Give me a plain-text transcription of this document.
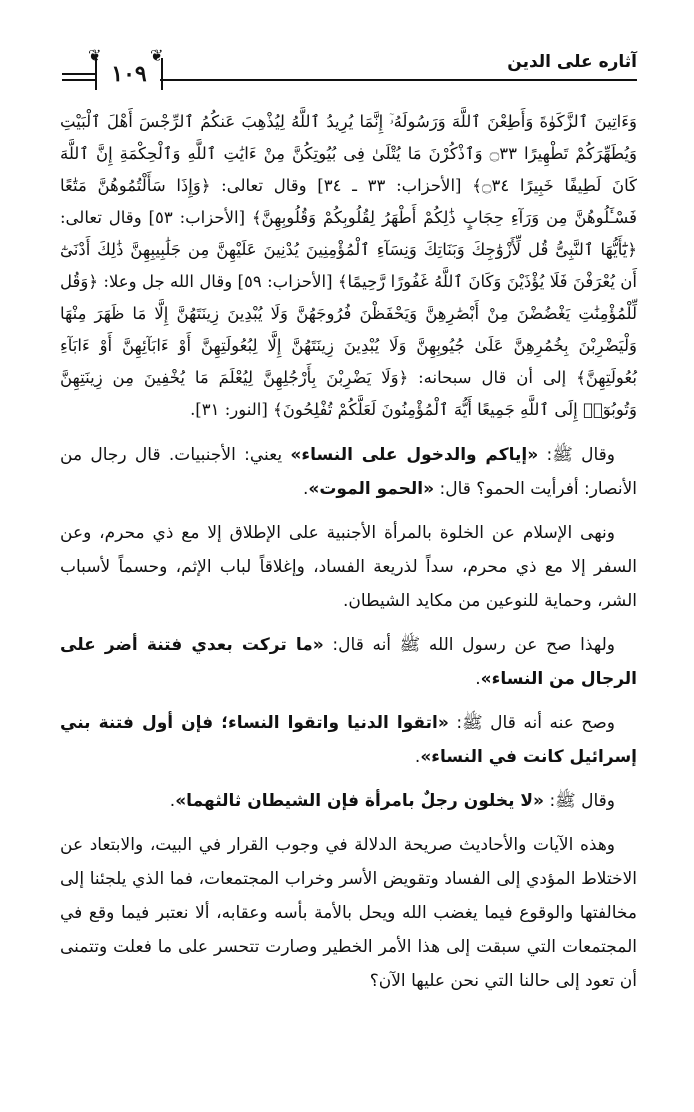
❦
١٠٩
❦	آثاره على الدين

وَءَاتِينَ ٱلزَّكَوٰةَ وَأَطِعْنَ ٱللَّهَ وَرَسُولَهُۥٓ إِنَّمَا يُرِيدُ ٱللَّهُ لِيُذْهِبَ عَنكُمُ ٱلرِّجْسَ أَهْلَ ٱلْبَيْتِ وَيُطَهِّرَكُمْ تَطْهِيرًا ۝٣٣ وَٱذْكُرْنَ مَا يُتْلَىٰ فِى بُيُوتِكُنَّ مِنْ ءَايَٰتِ ٱللَّهِ وَٱلْحِكْمَةِ إِنَّ ٱللَّهَ كَانَ لَطِيفًا خَبِيرًا ۝٣٤﴾ [الأحزاب: ٣٣ ـ ٣٤] وقال تعالى: ﴿وَإِذَا سَأَلْتُمُوهُنَّ مَتَٰعًا فَسْـَٔلُوهُنَّ مِن وَرَآءِ حِجَابٍ ذَٰلِكُمْ أَطْهَرُ لِقُلُوبِكُمْ وَقُلُوبِهِنَّ﴾ [الأحزاب: ٥٣] وقال تعالى: ﴿يَٰٓأَيُّهَا ٱلنَّبِىُّ قُل لِّأَزْوَٰجِكَ وَبَنَاتِكَ وَنِسَآءِ ٱلْمُؤْمِنِينَ يُدْنِينَ عَلَيْهِنَّ مِن جَلَٰبِيبِهِنَّ ذَٰلِكَ أَدْنَىٰٓ أَن يُعْرَفْنَ فَلَا يُؤْذَيْنَ وَكَانَ ٱللَّهُ غَفُورًا رَّحِيمًا﴾ [الأحزاب: ٥٩] وقال الله جل وعلا: ﴿وَقُل لِّلْمُؤْمِنَٰتِ يَغْضُضْنَ مِنْ أَبْصَٰرِهِنَّ وَيَحْفَظْنَ فُرُوجَهُنَّ وَلَا يُبْدِينَ زِينَتَهُنَّ إِلَّا مَا ظَهَرَ مِنْهَا وَلْيَضْرِبْنَ بِخُمُرِهِنَّ عَلَىٰ جُيُوبِهِنَّ وَلَا يُبْدِينَ زِينَتَهُنَّ إِلَّا لِبُعُولَتِهِنَّ أَوْ ءَابَآئِهِنَّ أَوْ ءَابَآءِ بُعُولَتِهِنَّ﴾ إلى أن قال سبحانه: ﴿وَلَا يَضْرِبْنَ بِأَرْجُلِهِنَّ لِيُعْلَمَ مَا يُخْفِينَ مِن زِينَتِهِنَّ وَتُوبُوٓا۟ إِلَى ٱللَّهِ جَمِيعًا أَيُّهَ ٱلْمُؤْمِنُونَ لَعَلَّكُمْ تُفْلِحُونَ﴾ [النور: ٣١].

وقال ﷺ: «إياكم والدخول على النساء» يعني: الأجنبيات. قال رجال من الأنصار: أفرأيت الحمو؟ قال: «الحمو الموت».

ونهى الإسلام عن الخلوة بالمرأة الأجنبية على الإطلاق إلا مع ذي محرم، وعن السفر إلا مع ذي محرم، سداً لذريعة الفساد، وإغلاقاً لباب الإثم، وحسماً لأسباب الشر، وحماية للنوعين من مكايد الشيطان.

ولهذا صح عن رسول الله ﷺ أنه قال: «ما تركت بعدي فتنة أضر على الرجال من النساء».

وصح عنه أنه قال ﷺ: «اتقوا الدنيا واتقوا النساء؛ فإن أول فتنة بني إسرائيل كانت في النساء».

وقال ﷺ: «لا يخلون رجلٌ بامرأة فإن الشيطان ثالثهما».

وهذه الآيات والأحاديث صريحة الدلالة في وجوب القرار في البيت، والابتعاد عن الاختلاط المؤدي إلى الفساد وتقويض الأسر وخراب المجتمعات، فما الذي يلجئنا إلى مخالفتها والوقوع فيما يغضب الله ويحل بالأمة بأسه وعقابه، ألا نعتبر فيما وقع في المجتمعات التي سبقت إلى هذا الأمر الخطير وصارت تتحسر على ما فعلت وتتمنى أن تعود إلى حالنا التي نحن عليها الآن؟
